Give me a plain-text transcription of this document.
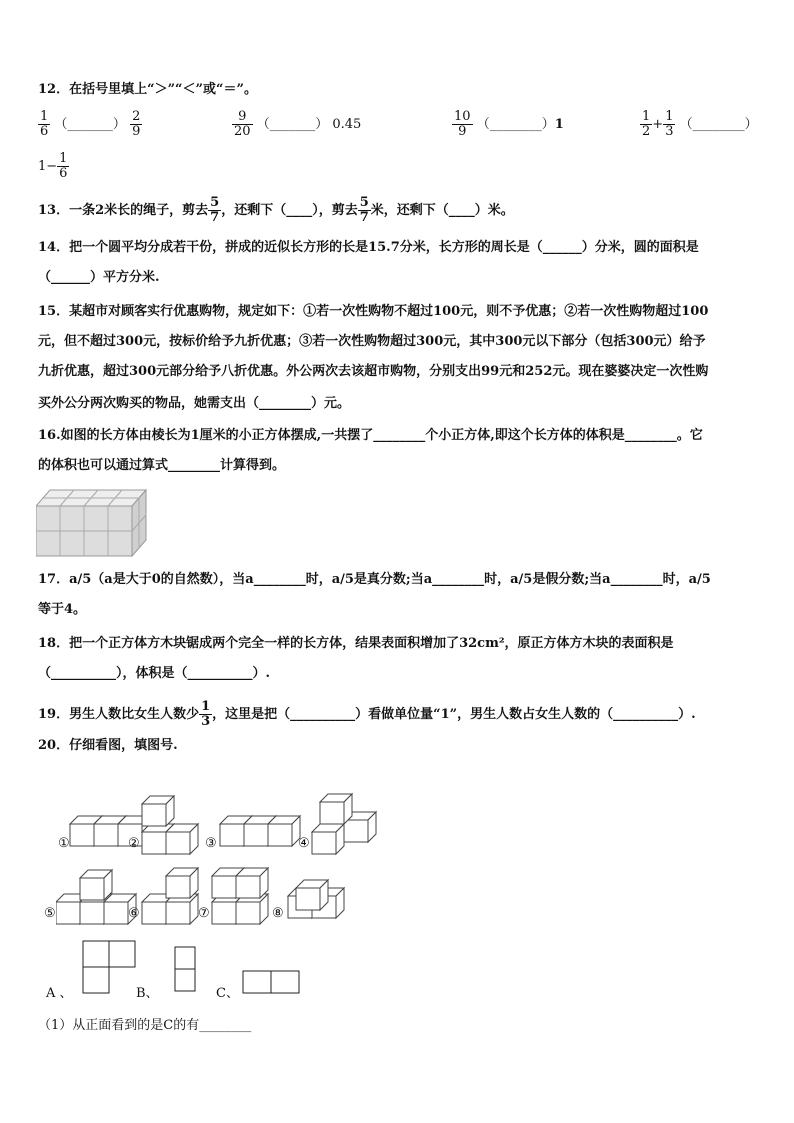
12．在括号里填上“＞”“＜”或“＝”。
$\frac{1}{6}$ （_______） $\frac{2}{9}$	$\frac{9}{20}$ （_______） 0.45	$\frac{10}{9}$ （________）1	$\frac{1}{2} + \frac{1}{3}$ （________）
$1- \frac{1}{6}$
13．一条2米长的绳子，剪去 $\frac{5}{7}$ ，还剩下（____），剪去 $\frac{5}{7}$ 米，还剩下（____）米。
14．把一个圆平均分成若干份，拼成的近似长方形的长是15.7分米，长方形的周长是（______）分米，圆的面积是
（______）平方分米.
15．某超市对顾客实行优惠购物，规定如下：①若一次性购物不超过100元，则不予优惠；②若一次性购物超过100
元，但不超过300元，按标价给予九折优惠；③若一次性购物超过300元，其中300元以下部分（包括300元）给予
九折优惠，超过300元部分给予八折优惠。外公两次去该超市购物，分别支出99元和252元。现在婆婆决定一次性购
买外公分两次购买的物品，她需支出（________）元。
16.如图的长方体由棱长为1厘米的小正方体摆成,一共摆了________个小正方体,即这个长方体的体积是________。它
的体积也可以通过算式________计算得到。
17．a/5（a是大于0的自然数），当a________时，a/5是真分数;当a________时，a/5是假分数;当a________时，a/5
等于4。
18．把一个正方体方木块锯成两个完全一样的长方体，结果表面积增加了32cm²，原正方体方木块的表面积是
（__________），体积是（__________）.
19．男生人数比女生人数少 $\frac{1}{3}$ ，这里是把（__________）看做单位量“1”，男生人数占女生人数的（__________）.
20．仔细看图，填图号.
①	②	③	④
⑤	⑥	⑦	⑧
A 、	B、	C、
（1）从正面看到的是C的有________
